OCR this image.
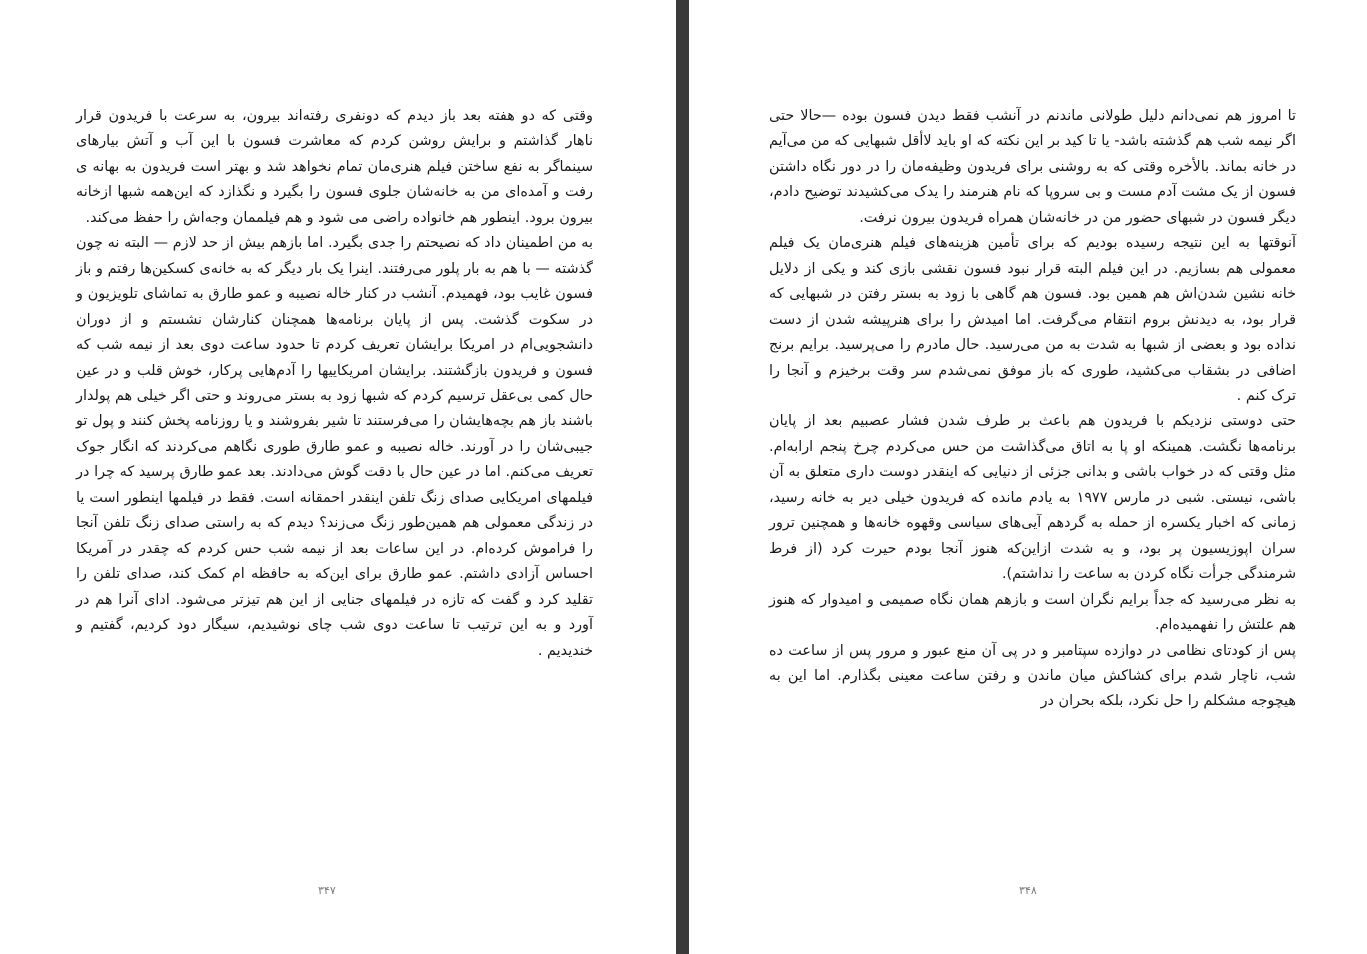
وقتی که دو هفته بعد باز دیدم که دونفری رفته‌اند بیرون، به سرعت با فریدون قرار ناهار گذاشتم و برایش روشن کردم که معاشرت فسون با این آب و آتش بیارهای سینماگر به نفع ساختن فیلم هنری‌مان تمام نخواهد شد و بهتر است فریدون به بهانه ی رفت و آمده‌ای من به خانه‌شان جلوی فسون را بگیرد و نگذازد که این‌همه شبها ازخانه بیرون برود. اینطور هم خانواده راضی می شود و هم فیلممان وجه‌اش را حفظ می‌کند.

به من اطمینان داد که نصیحتم را جدی بگیرد. اما بازهم بیش از حد لازم — البته نه چون گذشته — با هم به بار پلور می‌رفتند. اینرا یک بار دیگر که به خانه‌ی کسکین‌ها رفتم و باز فسون غایب بود، فهمیدم. آنشب در کنار خاله نصیبه و عمو طارق به تماشای تلویزیون و در سکوت گذشت. پس از پایان برنامه‌ها همچنان کنارشان نشستم و از دوران دانشجویی‌ام در امریکا برایشان تعریف کردم تا حدود ساعت دوی بعد از نیمه شب که فسون و فریدون بازگشتند. برایشان امریکاییها را آدم‌هایی پرکار، خوش قلب و در عین حال کمی بی‌عقل ترسیم کردم که شبها زود به بستر می‌روند و حتی اگر خیلی هم پولدار باشند باز هم بچه‌هایشان را می‌فرستند تا شیر بفروشند و یا روزنامه پخش کنند و پول تو جیبی‌شان را در آورند. خاله نصیبه و عمو طارق طوری نگاهم می‌کردند که انگار جوک تعریف می‌کنم. اما در عین حال با دقت گوش می‌دادند. بعد عمو طارق پرسید که چرا در فیلمهای امریکایی صدای زنگ تلفن اینقدر احمقانه است. فقط در فیلمها اینطور است یا در زندگی معمولی هم همین‌طور زنگ می‌زند؟ دیدم که به راستی صدای زنگ تلفن آنجا را فراموش کرده‌ام. در این ساعات بعد از نیمه شب حس کردم که چقدر در آمریکا احساس آزادی داشتم. عمو طارق برای این‌که به حافظه ام کمک کند، صدای تلفن را تقلید کرد و گفت که تازه در فیلمهای جنایی از این هم تیزتر می‌شود. ادای آنرا هم در آورد و به این ترتیب تا ساعت دوی شب چای نوشیدیم، سیگار دود کردیم، گفتیم و خندیدیم .

۳۴۷

تا امروز هم نمی‌دانم دلیل طولانی ماندنم در آنشب فقط دیدن فسون بوده —حالا حتی اگر نیمه شب هم گذشته باشد- یا تا کید بر این نکته که او باید لاأقل شبهایی که من می‌آیم در خانه بماند. بالأخره وقتی که به روشنی برای فریدون وظیفه‌مان را در دور نگاه داشتن فسون از یک مشت آدم مست و بی سروپا که نام هنرمند را یدک می‌کشیدند توضیح دادم، دیگر فسون در شبهای حضور من در خانه‌شان همراه فریدون بیرون نرفت.

آنوقتها به این نتیجه رسیده بودیم که برای تأمین هزینه‌های فیلم هنری‌مان یک فیلم معمولی هم بسازیم. در این فیلم البته قرار نبود فسون نقشی بازی کند و یکی از دلایل خانه نشین شدن‌اش هم همین بود. فسون هم گاهی با زود به بستر رفتن در شبهایی که قرار بود، به دیدنش بروم انتقام می‌گرفت. اما امیدش را برای هنرپیشه شدن از دست نداده بود و بعضی از شبها به شدت به من می‌رسید. حال مادرم را می‌پرسید. برایم برنج اضافی در بشقاب می‌کشید، طوری که باز موفق نمی‌شدم سر وقت برخیزم و آنجا را ترک کنم .

حتی دوستی نزدیکم با فریدون هم باعث بر طرف شدن فشار عصبیم بعد از پایان برنامه‌ها نگشت. همینکه او پا به اتاق می‌گذاشت من حس می‌کردم چرخ پنجم ارابه‌ام. مثل وقتی که در خواب باشی و بدانی جزئی از دنیایی که اینقدر دوست داری متعلق به آن باشی، نیستی. شبی در مارس ۱۹۷۷ به یادم مانده که فریدون خیلی دیر به خانه رسید، زمانی که اخبار یکسره از حمله به گردهم آیی‌های سیاسی وقهوه خانه‌ها و همچنین ترور سران اپوزیسیون پر بود، و به شدت ازاین‌که هنوز آنجا بودم حیرت کرد (از فرط شرمندگی جرأت نگاه کردن به ساعت را نداشتم).

به نظر می‌رسید که جداً برایم نگران است و بازهم همان نگاه صمیمی و امیدوار که هنوز هم علتش را نفهمیده‌ام.

پس از کودتای نظامی در دوازده سپتامبر و در پی آن منع عبور و مرور پس از ساعت ده شب، ناچار شدم برای کشاکش میان ماندن و رفتن ساعت معینی بگذارم. اما این به هیچوجه مشکلم را حل نکرد، بلکه بحران در

۳۴۸
